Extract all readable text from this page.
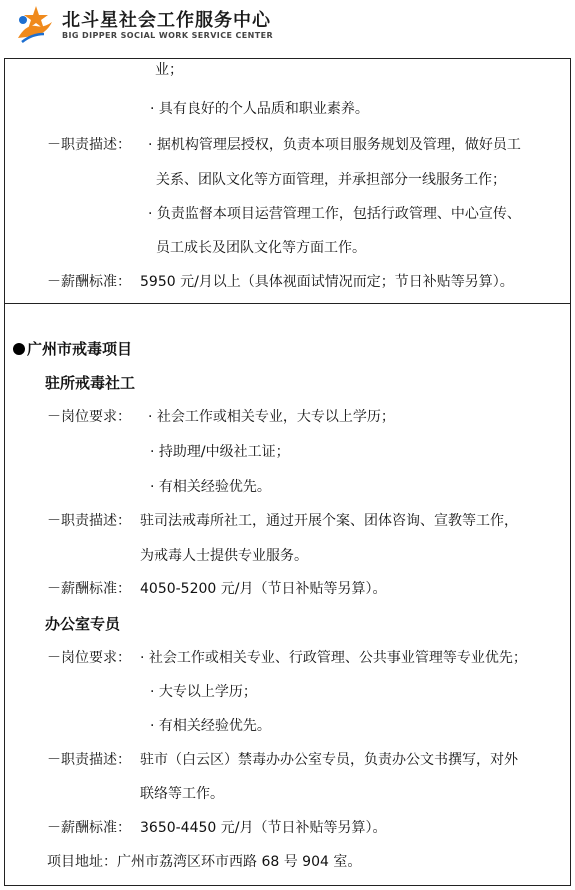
北斗星社会工作服务中心
BIG DIPPER SOCIAL WORK SERVICE CENTER
业；
· 具有良好的个人品质和职业素养。
－职责描述： · 据机构管理层授权，负责本项目服务规划及管理，做好员工
关系、团队文化等方面管理，并承担部分一线服务工作；
· 负责监督本项目运营管理工作，包括行政管理、中心宣传、
员工成长及团队文化等方面工作。
－薪酬标准： 5950 元/月以上（具体视面试情况而定；节日补贴等另算）。
广州市戒毒项目
驻所戒毒社工
－岗位要求： · 社会工作或相关专业，大专以上学历；
· 持助理/中级社工证；
· 有相关经验优先。
－职责描述： 驻司法戒毒所社工，通过开展个案、团体咨询、宣教等工作，
为戒毒人士提供专业服务。
－薪酬标准： 4050-5200 元/月（节日补贴等另算）。
办公室专员
－岗位要求： · 社会工作或相关专业、行政管理、公共事业管理等专业优先；
· 大专以上学历；
· 有相关经验优先。
－职责描述： 驻市（白云区）禁毒办办公室专员，负责办公文书撰写，对外
联络等工作。
－薪酬标准： 3650-4450 元/月（节日补贴等另算）。
项目地址：广州市荔湾区环市西路 68 号 904 室。
